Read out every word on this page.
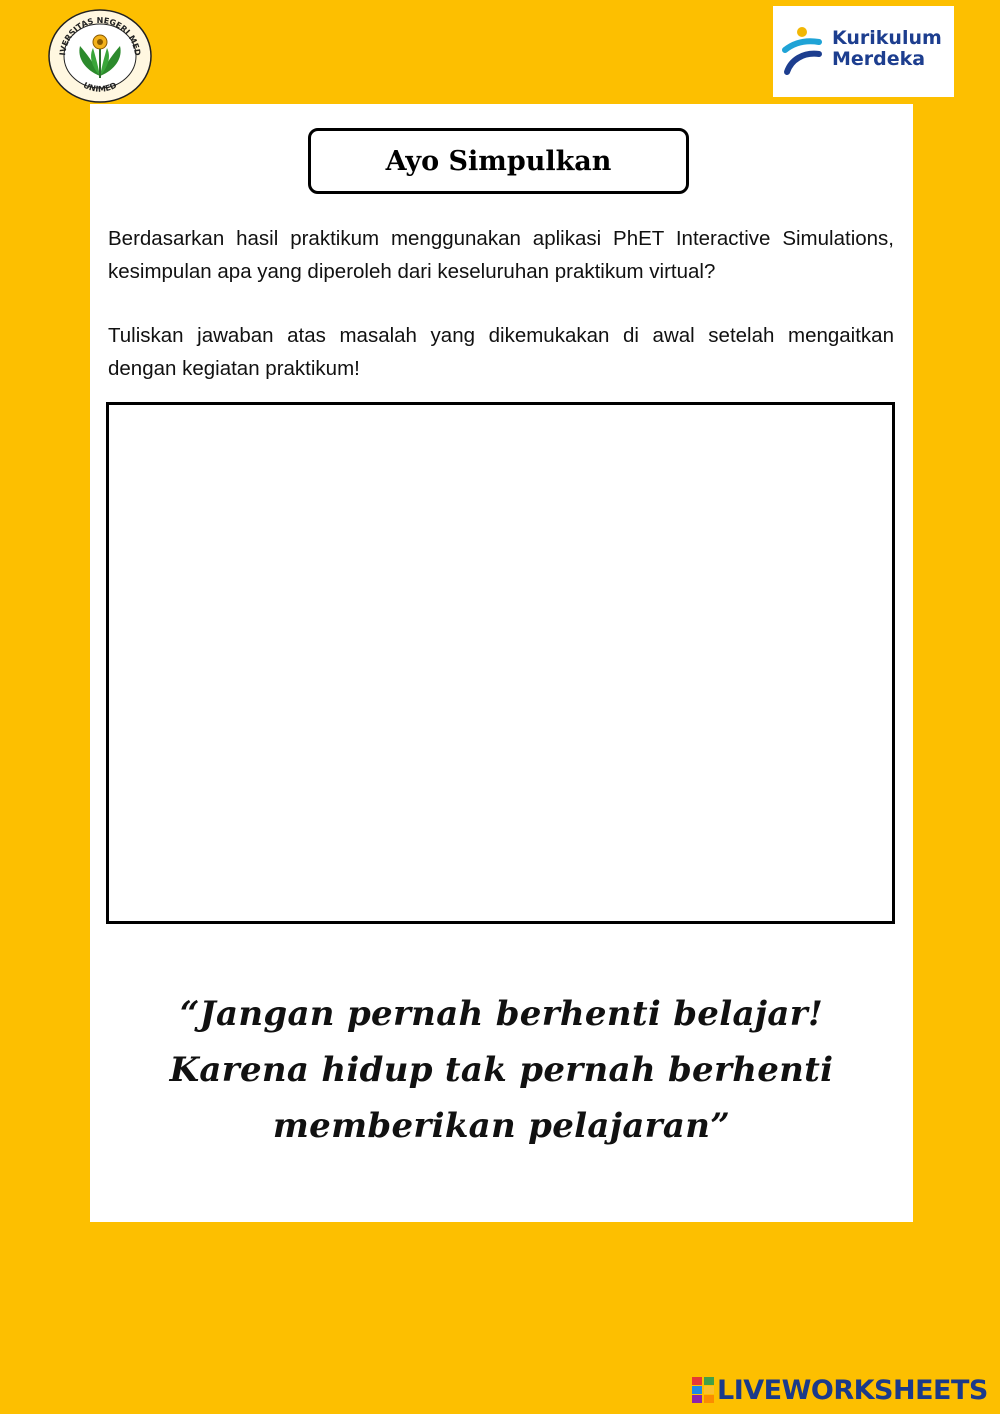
IVERSITAS NEGERI MED
UNIMED
Kurikulum
Merdeka
Ayo Simpulkan

Berdasarkan hasil praktikum menggunakan aplikasi PhET Interactive Simulations, kesimpulan apa yang diperoleh dari keseluruhan praktikum virtual?

Tuliskan jawaban atas masalah yang dikemukakan di awal setelah mengaitkan dengan kegiatan praktikum!

“Jangan pernah berhenti belajar!
Karena hidup tak pernah berhenti
memberikan pelajaran”
LIVEWORKSHEETS
